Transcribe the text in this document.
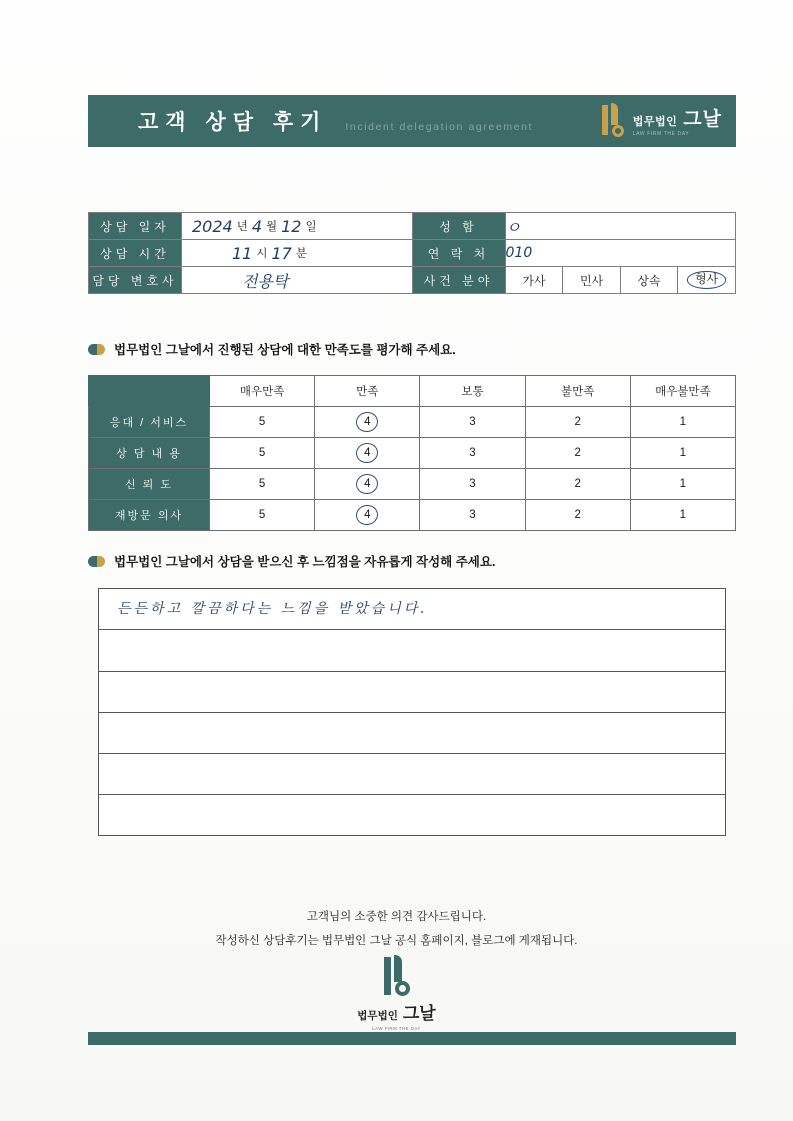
고객 상담 후기 Incident delegation agreement	법무법인 그날
LAW FIRM THE DAY
상담 일자	2024 년 4 월 12 일	성 함	ㅇ
상담 시간	11 시 17 분	연 락 처	010
담당 변호사	전용탁	사건 분야	가사	민사	상속	형사
법무법인 그날에서 진행된 상담에 대한 만족도를 평가해 주세요.
	매우만족	만족	보통	불만족	매우불만족
응대 / 서비스	5	4	3	2	1
상 담 내 용	5	4	3	2	1
신 뢰 도	5	4	3	2	1
재방문 의사	5	4	3	2	1
법무법인 그날에서 상담을 받으신 후 느낌점을 자유롭게 작성해 주세요.
든든하고 깔끔하다는 느낌을 받았습니다.
고객님의 소중한 의견 감사드립니다.
작성하신 상담후기는 법무법인 그날 공식 홈페이지, 블로그에 게재됩니다.
법무법인 그날
LAW FIRM THE DAY
